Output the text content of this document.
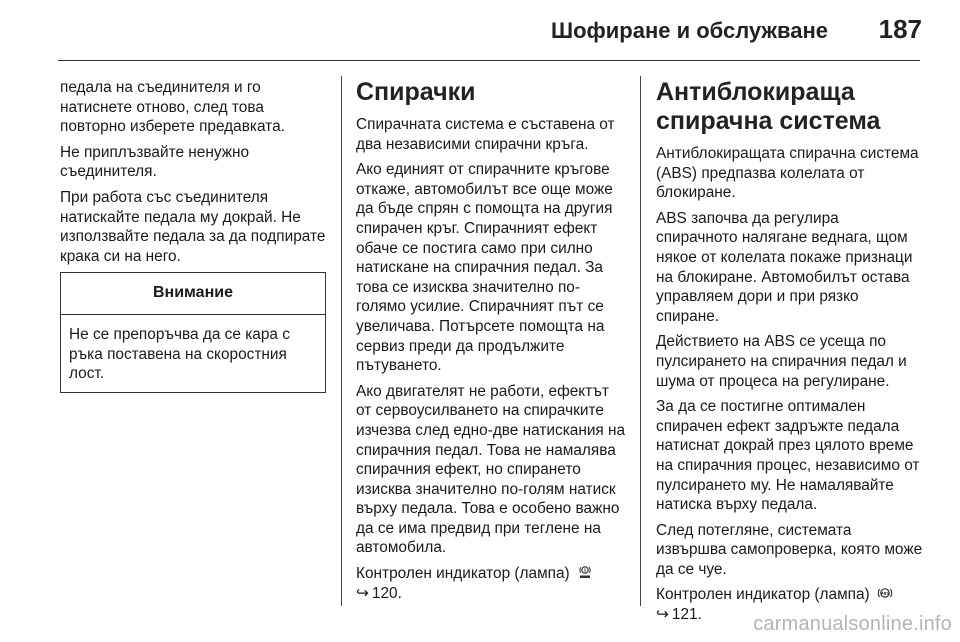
Шофиране и обслужване 187

педала на съединителя и го натиснете отново, след това повторно изберете предавката.

Не приплъзвайте ненужно съединителя.

При работа със съединителя натискайте педала му докрай. Не използвайте педала за да подпирате крака си на него.

Внимание
Не се препоръчва да се кара с ръка поставена на скоростния лост.
Спирачки

Спирачната система е съставена от два независими спирачни кръга.

Ако единият от спирачните кръгове откаже, автомобилът все още може да бъде спрян с помощта на другия спирачен кръг. Спирачният ефект обаче се постига само при силно натискане на спирачния педал. За това се изисква значително по-голямо усилие. Спирачният път се увеличава. Потърсете помощта на сервиз преди да продължите пътуването.

Ако двигателят не работи, ефектът от сервоусилването на спирачките изчезва след едно-две натискания на спирачния педал. Това не намалява спирачния ефект, но спирането изисква значително по-голям натиск върху педала. Това е особено важно да се има предвид при теглене на автомобила.

Контролен индикатор (лампа)
↪ 120.

Антиблокираща спирачна система

Антиблокиращата спирачна система (ABS) предпазва колелата от блокиране.

ABS започва да регулира спирачното налягане веднага, щом някое от колелата покаже признаци на блокиране. Автомобилът остава управляем дори и при рязко спиране.

Действието на ABS се усеща по пулсирането на спирачния педал и шума от процеса на регулиране.

За да се постигне оптимален спирачен ефект задръжте педала натиснат докрай през цялото време на спирачния процес, независимо от пулсирането му. Не намалявайте натиска върху педала.

След потегляне, системата извършва самопроверка, която може да се чуе.

Контролен индикатор (лампа)	ABS

↪ 121.	carmanualsonline.info
